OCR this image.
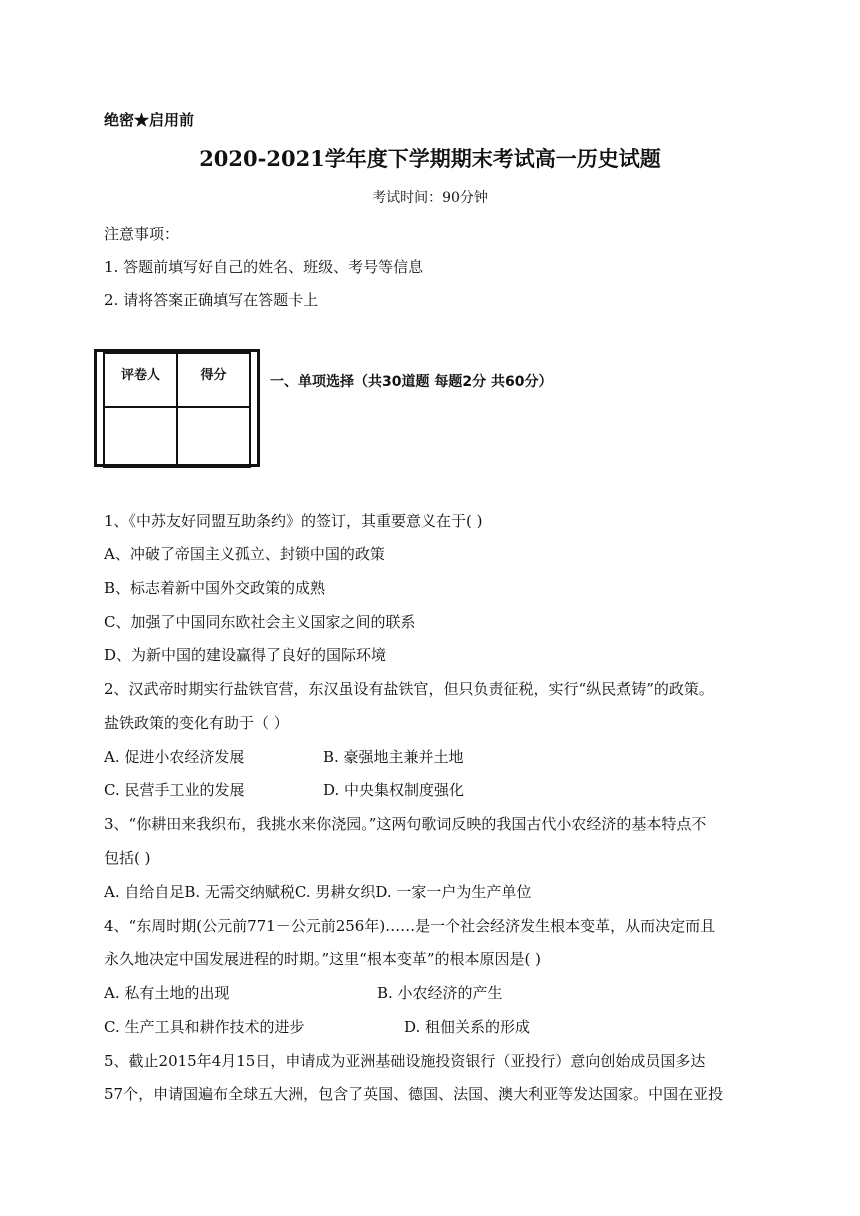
绝密★启用前
2020-2021学年度下学期期末考试高一历史试题
考试时间：90分钟
注意事项：
1. 答题前填写好自己的姓名、班级、考号等信息
2. 请将答案正确填写在答题卡上
评卷人	得分
		一、单项选择（共30道题 每题2分 共60分）
1、《中苏友好同盟互助条约》的签订，其重要意义在于( )
A、冲破了帝国主义孤立、封锁中国的政策
B、标志着新中国外交政策的成熟
C、加强了中国同东欧社会主义国家之间的联系
D、为新中国的建设赢得了良好的国际环境
2、汉武帝时期实行盐铁官营，东汉虽设有盐铁官，但只负责征税，实行“纵民煮铸”的政策。
盐铁政策的变化有助于（ ）
A. 促进小农经济发展	B. 豪强地主兼并土地
C. 民营手工业的发展	D. 中央集权制度强化
3、“你耕田来我织布，我挑水来你浇园。”这两句歌词反映的我国古代小农经济的基本特点不
包括( )
A. 自给自足B. 无需交纳赋税C. 男耕女织D. 一家一户为生产单位
4、“东周时期(公元前771－公元前256年)……是一个社会经济发生根本变革，从而决定而且
永久地决定中国发展进程的时期。”这里“根本变革”的根本原因是( )
A. 私有土地的出现	B. 小农经济的产生
C. 生产工具和耕作技术的进步	D. 租佃关系的形成
5、截止2015年4月15日，申请成为亚洲基础设施投资银行（亚投行）意向创始成员国多达
57个，申请国遍布全球五大洲，包含了英国、德国、法国、澳大利亚等发达国家。中国在亚投
